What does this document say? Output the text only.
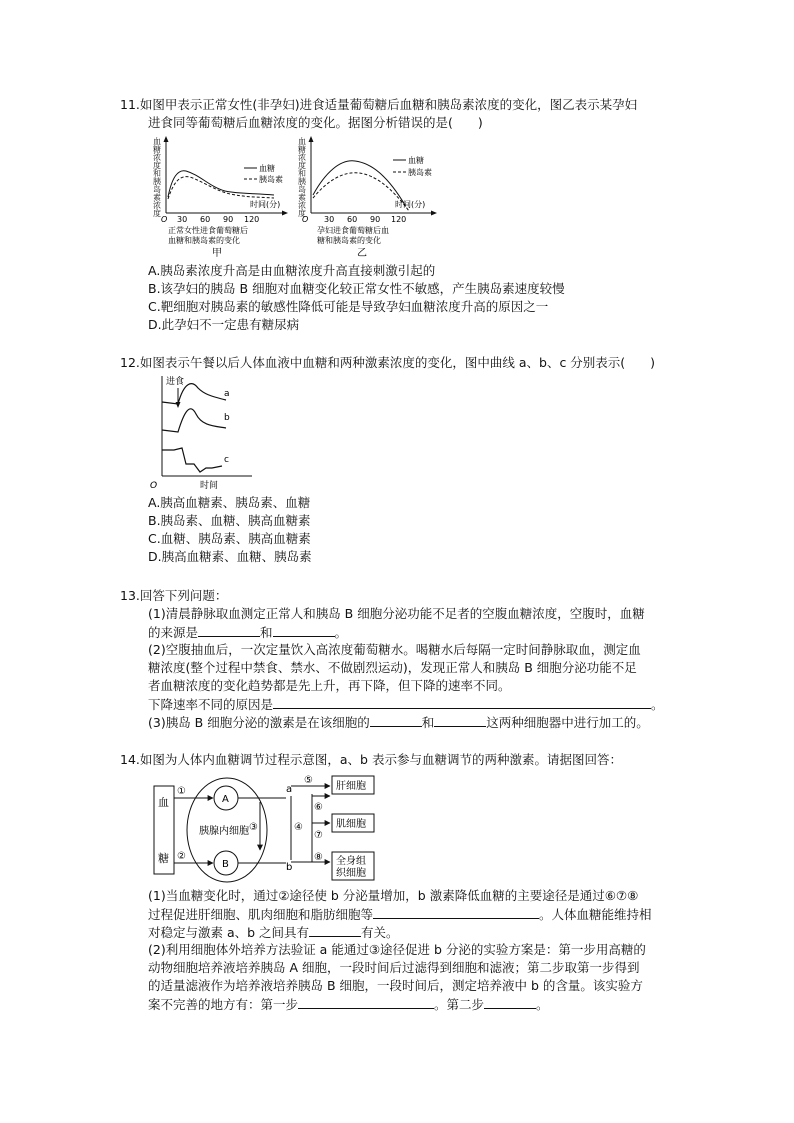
11.如图甲表示正常女性(非孕妇)进食适量葡萄糖后血糖和胰岛素浓度的变化，图乙表示某孕妇
进食同等葡萄糖后血糖浓度的变化。据图分析错误的是(　　)
血
糖
浓
度
和
胰
岛
素
浓
度
血糖
胰岛素
时间(分)
O 30 60 90 120
正常女性进食葡萄糖后
血糖和胰岛素的变化
甲
血
糖
浓
度
和
胰
岛
素
浓
度
血糖
胰岛素
时间(分)
O 30 60 90 120
孕妇进食葡萄糖后血
糖和胰岛素的变化
乙
A.胰岛素浓度升高是由血糖浓度升高直接刺激引起的
B.该孕妇的胰岛 B 细胞对血糖变化较正常女性不敏感，产生胰岛素速度较慢
C.靶细胞对胰岛素的敏感性降低可能是导致孕妇血糖浓度升高的原因之一
D.此孕妇不一定患有糖尿病
12.如图表示午餐以后人体血液中血糖和两种激素浓度的变化，图中曲线 a、b、c 分别表示(　　)
进食
a
b
c
O	时间
A.胰高血糖素、胰岛素、血糖
B.胰岛素、血糖、胰高血糖素
C.血糖、胰岛素、胰高血糖素
D.胰高血糖素、血糖、胰岛素
13.回答下列问题：
(1)清晨静脉取血测定正常人和胰岛 B 细胞分泌功能不足者的空腹血糖浓度，空腹时，血糖
的来源是	和	。
(2)空腹抽血后，一次定量饮入高浓度葡萄糖水。喝糖水后每隔一定时间静脉取血，测定血
糖浓度(整个过程中禁食、禁水、不做剧烈运动)，发现正常人和胰岛 B 细胞分泌功能不足
者血糖浓度的变化趋势都是先上升，再下降，但下降的速率不同。
下降速率不同的原因是	。
(3)胰岛 B 细胞分泌的激素是在该细胞的	和	这两种细胞器中进行加工的。
14.如图为人体内血糖调节过程示意图，a、b 表示参与血糖调节的两种激素。请据图回答：
血
糖
A
B
胰腺内细胞
①
②
③
a
b
④
⑤
肝细胞
⑥
肌细胞
⑦
全身组
织细胞
⑧
(1)当血糖变化时，通过②途径使 b 分泌量增加，b 激素降低血糖的主要途径是通过⑥⑦⑧
过程促进肝细胞、肌肉细胞和脂肪细胞等	。人体血糖能维持相
对稳定与激素 a、b 之间具有	有关。
(2)利用细胞体外培养方法验证 a 能通过③途径促进 b 分泌的实验方案是：第一步用高糖的
动物细胞培养液培养胰岛 A 细胞，一段时间后过滤得到细胞和滤液；第二步取第一步得到
的适量滤液作为培养液培养胰岛 B 细胞，一段时间后，测定培养液中 b 的含量。该实验方
案不完善的地方有：第一步	。第二步	。
